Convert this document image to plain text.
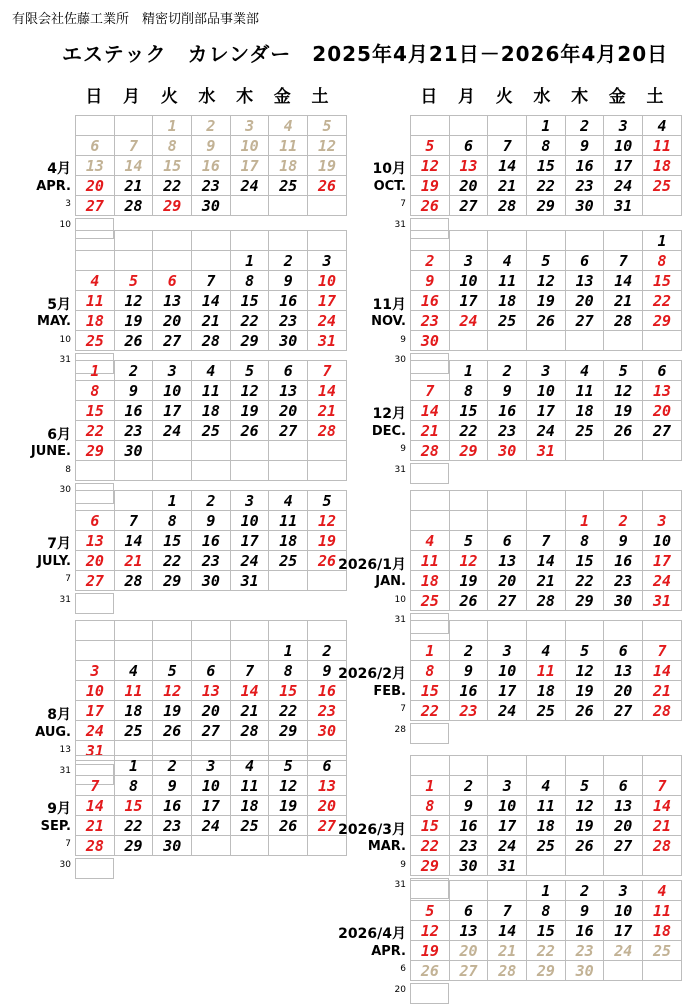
有限会社佐藤工業所　精密切削部品事業部
エステック　カレンダー　2025年4月21日－2026年4月20日
日	月	火	水	木	金	土	日	月	火	水	木	金	土
		1	2	3	4	5
6	7	8	9	10	11	12
13	14	15	16	17	18	19
20	21	22	23	24	25	26
27	28	29	30			
4月
APR.
3
10

				1	2	3
4	5	6	7	8	9	10
11	12	13	14	15	16	17
18	19	20	21	22	23	24
25	26	27	28	29	30	31
5月
MAY.
10
31
1	2	3	4	5	6	7
8	9	10	11	12	13	14
15	16	17	18	19	20	21
22	23	24	25	26	27	28
29	30					

6月
JUNE.
8
30
		1	2	3	4	5
6	7	8	9	10	11	12
13	14	15	16	17	18	19
20	21	22	23	24	25	26
27	28	29	30	31		
7月
JULY.
7
31

					1	2
3	4	5	6	7	8	9
10	11	12	13	14	15	16
17	18	19	20	21	22	23
24	25	26	27	28	29	30
31						
8月
AUG.
13
31
		1	2	3	4	5	6
7	8	9	10	11	12	13
14	15	16	17	18	19	20
21	22	23	24	25	26	27
28	29	30				
9月
SEP.
7
30
			1	2	3	4
5	6	7	8	9	10	11
12	13	14	15	16	17	18
19	20	21	22	23	24	25
26	27	28	29	30	31	
10月
OCT.
7
31
						1
2	3	4	5	6	7	8
9	10	11	12	13	14	15
16	17	18	19	20	21	22
23	24	25	26	27	28	29
30						
11月
NOV.
9
30
	1	2	3	4	5	6
7	8	9	10	11	12	13
14	15	16	17	18	19	20
21	22	23	24	25	26	27
28	29	30	31			
12月
DEC.
9
31

				1	2	3
4	5	6	7	8	9	10
11	12	13	14	15	16	17
18	19	20	21	22	23	24
25	26	27	28	29	30	31
2026/1月
JAN.
10
31

1	2	3	4	5	6	7
8	9	10	11	12	13	14
15	16	17	18	19	20	21
22	23	24	25	26	27	28
2026/2月
FEB.
7
28

1	2	3	4	5	6	7
8	9	10	11	12	13	14
15	16	17	18	19	20	21
22	23	24	25	26	27	28
29	30	31				
2026/3月
MAR.
9
31
				1	2	3	4
5	6	7	8	9	10	11
12	13	14	15	16	17	18
19	20	21	22	23	24	25
26	27	28	29	30		
2026/4月
APR.
6
20
